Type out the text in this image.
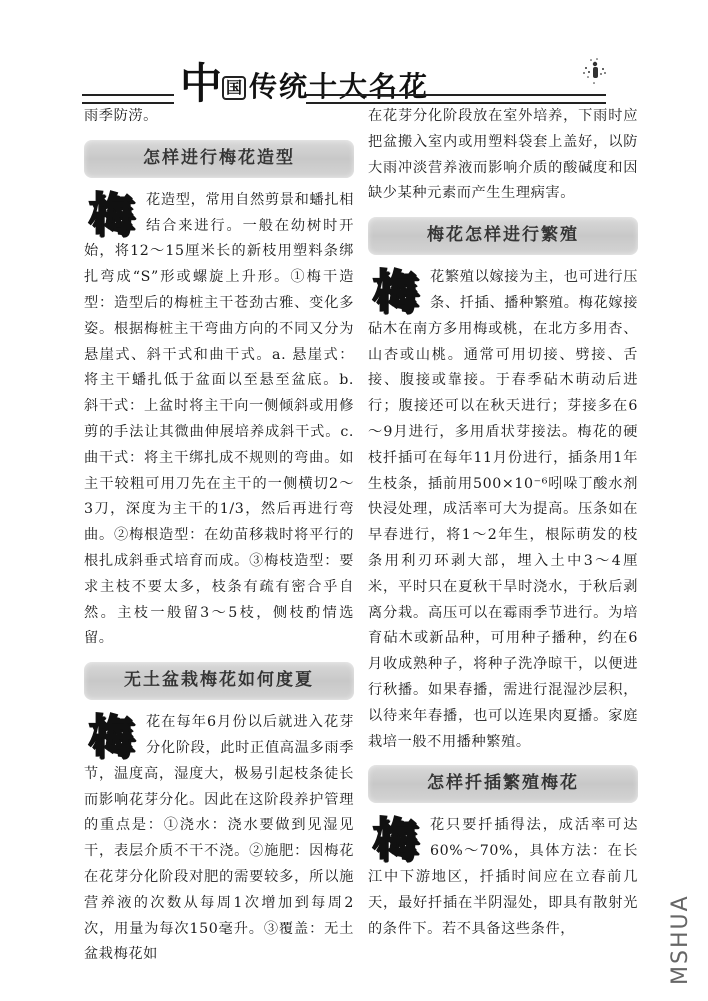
中 国 传统十大名花

雨季防涝。

怎样进行梅花造型

梅花造型，常用自然剪景和蟠扎相结合来进行。一般在幼树时开始，将12～15厘米长的新枝用塑料条绑扎弯成“S”形或螺旋上升形。①梅干造型：造型后的梅桩主干苍劲古雅、变化多姿。根据梅桩主干弯曲方向的不同又分为悬崖式、斜干式和曲干式。a. 悬崖式：将主干蟠扎低于盆面以至悬至盆底。b. 斜干式：上盆时将主干向一侧倾斜或用修剪的手法让其微曲伸展培养成斜干式。c. 曲干式：将主干绑扎成不规则的弯曲。如主干较粗可用刀先在主干的一侧横切2～3刀，深度为主干的1/3，然后再进行弯曲。②梅根造型：在幼苗移栽时将平行的根扎成斜垂式培育而成。③梅枝造型：要求主枝不要太多，枝条有疏有密合乎自然。主枝一般留3～5枝，侧枝酌情选留。

无土盆栽梅花如何度夏

梅花在每年6月份以后就进入花芽分化阶段，此时正值高温多雨季节，温度高，湿度大，极易引起枝条徒长而影响花芽分化。因此在这阶段养护管理的重点是：①浇水：浇水要做到见湿见干，表层介质不干不浇。②施肥：因梅花在花芽分化阶段对肥的需要较多，所以施营养液的次数从每周1次增加到每周2次，用量为每次150毫升。③覆盖：无土盆栽梅花如

在花芽分化阶段放在室外培养，下雨时应把盆搬入室内或用塑料袋套上盖好，以防大雨冲淡营养液而影响介质的酸碱度和因缺少某种元素而产生生理病害。

梅花怎样进行繁殖

梅花繁殖以嫁接为主，也可进行压条、扦插、播种繁殖。梅花嫁接砧木在南方多用梅或桃，在北方多用杏、山杏或山桃。通常可用切接、劈接、舌接、腹接或靠接。于春季砧木萌动后进行；腹接还可以在秋天进行；芽接多在6～9月进行，多用盾状芽接法。梅花的硬枝扦插可在每年11月份进行，插条用1年生枝条，插前用500×10⁻⁶吲哚丁酸水剂快浸处理，成活率可大为提高。压条如在早春进行，将1～2年生，根际萌发的枝条用利刃环剥大部，埋入土中3～4厘米，平时只在夏秋干旱时浇水，于秋后剥离分栽。高压可以在霉雨季节进行。为培育砧木或新品种，可用种子播种，约在6月收成熟种子，将种子洗净晾干，以便进行秋播。如果春播，需进行混湿沙层积，以待来年春播，也可以连果肉夏播。家庭栽培一般不用播种繁殖。

怎样扦插繁殖梅花

梅花只要扦插得法，成活率可达60%～70%，具体方法：在长江中下游地区，扦插时间应在立春前几天，最好扦插在半阴湿处，即具有散射光的条件下。若不具备这些条件，	MSHUA
